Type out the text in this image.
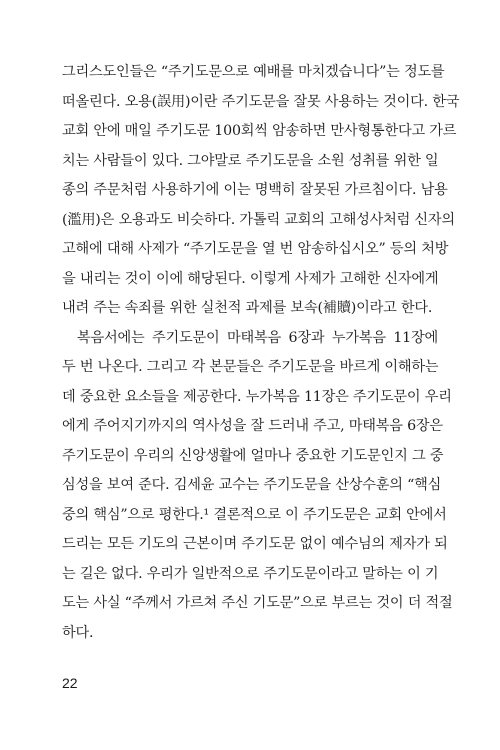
그리스도인들은 “주기도문으로 예배를 마치겠습니다”는 정도를
떠올린다. 오용(誤用)이란 주기도문을 잘못 사용하는 것이다. 한국
교회 안에 매일 주기도문 100회씩 암송하면 만사형통한다고 가르
치는 사람들이 있다. 그야말로 주기도문을 소원 성취를 위한 일
종의 주문처럼 사용하기에 이는 명백히 잘못된 가르침이다. 남용
(濫用)은 오용과도 비슷하다. 가톨릭 교회의 고해성사처럼 신자의
고해에 대해 사제가 “주기도문을 열 번 암송하십시오” 등의 처방
을 내리는 것이 이에 해당된다. 이렇게 사제가 고해한 신자에게
내려 주는 속죄를 위한 실천적 과제를 보속(補贖)이라고 한다.

복음서에는 주기도문이 마태복음 6장과 누가복음 11장에
두 번 나온다. 그리고 각 본문들은 주기도문을 바르게 이해하는
데 중요한 요소들을 제공한다. 누가복음 11장은 주기도문이 우리
에게 주어지기까지의 역사성을 잘 드러내 주고, 마태복음 6장은
주기도문이 우리의 신앙생활에 얼마나 중요한 기도문인지 그 중
심성을 보여 준다. 김세윤 교수는 주기도문을 산상수훈의 “핵심
중의 핵심”으로 평한다.¹ 결론적으로 이 주기도문은 교회 안에서
드리는 모든 기도의 근본이며 주기도문 없이 예수님의 제자가 되
는 길은 없다. 우리가 일반적으로 주기도문이라고 말하는 이 기
도는 사실 “주께서 가르쳐 주신 기도문”으로 부르는 것이 더 적절
하다.

22
